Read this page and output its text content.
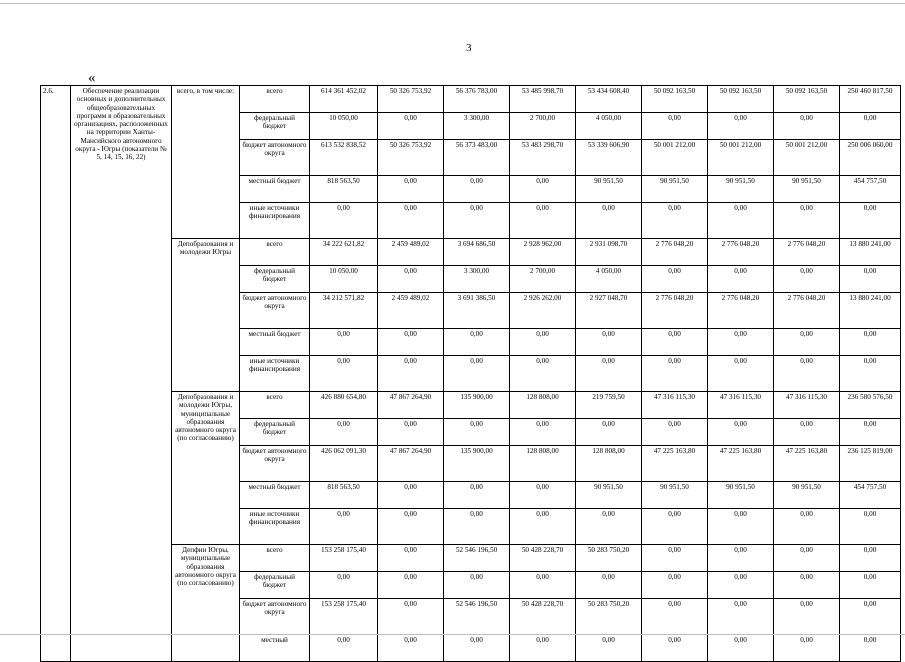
3
«
2.6.	Обеспечение реализации основных и дополнительных общеобразовательных программ в образовательных организациях, расположенных на территории Ханты-Мансийского автономного округа - Югры (показатели № 5, 14, 15, 16, 22)	всего, в том числе:	всего	614 361 452,02	50 326 753,92	56 376 783,00	53 485 998,70	53 434 608,40	50 092 163,50	50 092 163,50	50 092 163,50	250 460 817,50
			федеральный бюджет	10 050,00	0,00	3 300,00	2 700,00	4 050,00	0,00	0,00	0,00	0,00
			бюджет автономного округа	613 532 838,52	50 326 753,92	56 373 483,00	53 483 298,70	53 339 606,90	50 001 212,00	50 001 212,00	50 001 212,00	250 006 060,00
			местный бюджет	818 563,50	0,00	0,00	0,00	90 951,50	90 951,50	90 951,50	90 951,50	454 757,50
			иные источники финансирования	0,00	0,00	0,00	0,00	0,00	0,00	0,00	0,00	0,00
		Депобразования и молодежи Югры	всего	34 222 621,82	2 459 489,02	3 694 686,50	2 928 962,00	2 931 098,70	2 776 048,20	2 776 048,20	2 776 048,20	13 880 241,00
			федеральный бюджет	10 050,00	0,00	3 300,00	2 700,00	4 050,00	0,00	0,00	0,00	0,00
			бюджет автономного округа	34 212 571,82	2 459 489,02	3 691 386,50	2 926 262,00	2 927 048,70	2 776 048,20	2 776 048,20	2 776 048,20	13 880 241,00
			местный бюджет	0,00	0,00	0,00	0,00	0,00	0,00	0,00	0,00	0,00
			иные источники финансирования	0,00	0,00	0,00	0,00	0,00	0,00	0,00	0,00	0,00
		Депобразования и молодежи Югры, муниципальные образования автономного округа (по согласованию)	всего	426 880 654,80	47 867 264,90	135 900,00	128 808,00	219 759,50	47 316 115,30	47 316 115,30	47 316 115,30	236 580 576,50
			федеральный бюджет	0,00	0,00	0,00	0,00	0,00	0,00	0,00	0,00	0,00
			бюджет автономного округа	426 062 091,30	47 867 264,90	135 900,00	128 808,00	128 808,00	47 225 163,80	47 225 163,80	47 225 163,80	236 125 819,00
			местный бюджет	818 563,50	0,00	0,00	0,00	90 951,50	90 951,50	90 951,50	90 951,50	454 757,50
			иные источники финансирования	0,00	0,00	0,00	0,00	0,00	0,00	0,00	0,00	0,00
		Депфин Югры, муниципальные образования автономного округа (по согласованию)	всего	153 258 175,40	0,00	52 546 196,50	50 428 228,70	50 283 750,20	0,00	0,00	0,00	0,00
			федеральный бюджет	0,00	0,00	0,00	0,00	0,00	0,00	0,00	0,00	0,00
			бюджет автономного округа	153 258 175,40	0,00	52 546 196,50	50 428 228,70	50 283 750,20	0,00	0,00	0,00	0,00
			местный	0,00	0,00	0,00	0,00	0,00	0,00	0,00	0,00	0,00
